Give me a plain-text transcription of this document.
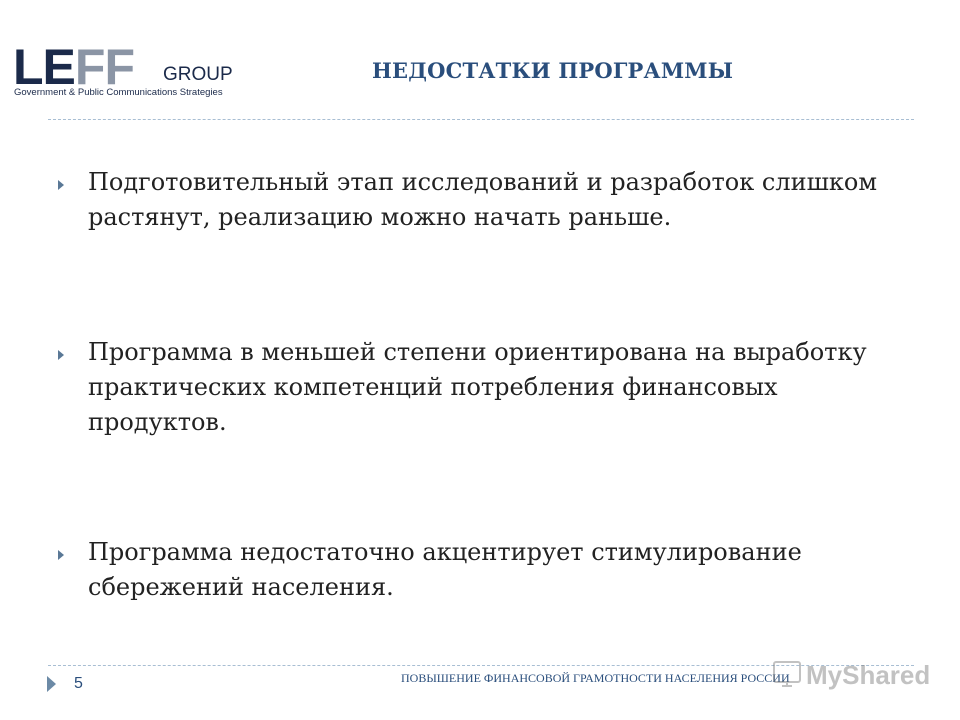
LEFF GROUP
Government & Public Communications Strategies
НЕДОСТАТКИ ПРОГРАММЫ
Подготовительный этап исследований и разработок слишком растянут, реализацию можно начать раньше.
Программа в меньшей степени ориентирована на выработку практических компетенций потребления финансовых продуктов.
Программа недостаточно акцентирует стимулирование сбережений населения.
5	ПОВЫШЕНИЕ ФИНАНСОВОЙ ГРАМОТНОСТИ НАСЕЛЕНИЯ РОССИИ MyShared
